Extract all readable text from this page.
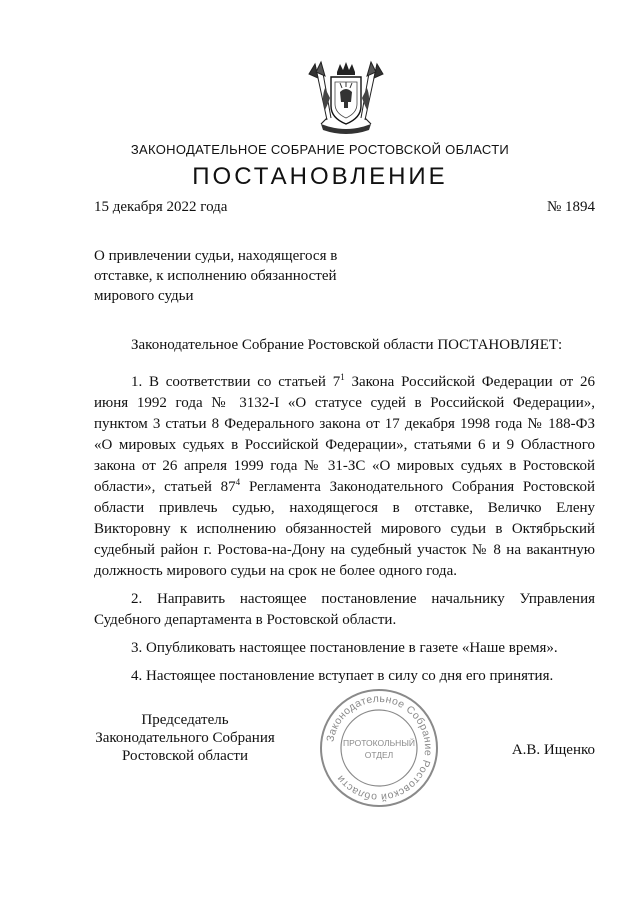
ЗАКОНОДАТЕЛЬНОЕ СОБРАНИЕ РОСТОВСКОЙ ОБЛАСТИ
ПОСТАНОВЛЕНИЕ
15 декабря 2022 года	№ 1894
О привлечении судьи, находящегося в отставке, к исполнению обязанностей мирового судьи
Законодательное Собрание Ростовской области ПОСТАНОВЛЯЕТ:

1. В соответствии со статьей $7^1$ Закона Российской Федерации от 26 июня 1992 года № 3132-I «О статусе судей в Российской Федерации», пунктом 3 статьи 8 Федерального закона от 17 декабря 1998 года № 188-ФЗ «О мировых судьях в Российской Федерации», статьями 6 и 9 Областного закона от 26 апреля 1999 года № 31-ЗС «О мировых судьях в Ростовской области», статьей $87^4$ Регламента Законодательного Собрания Ростовской области привлечь судью, находящегося в отставке, Величко Елену Викторовну к исполнению обязанностей мирового судьи в Октябрьский судебный район г. Ростова-на-Дону на судебный участок № 8 на вакантную должность мирового судьи на срок не более одного года.

2. Направить настоящее постановление начальнику Управления Судебного департамента в Ростовской области.

3. Опубликовать настоящее постановление в газете «Наше время».

4. Настоящее постановление вступает в силу со дня его принятия.

Председатель
Законодательного Собрания
Ростовской области
Законодательное Собрание Ростовской области
ПРОТОКОЛЬНЫЙ
ОТДЕЛ	А.В. Ищенко
